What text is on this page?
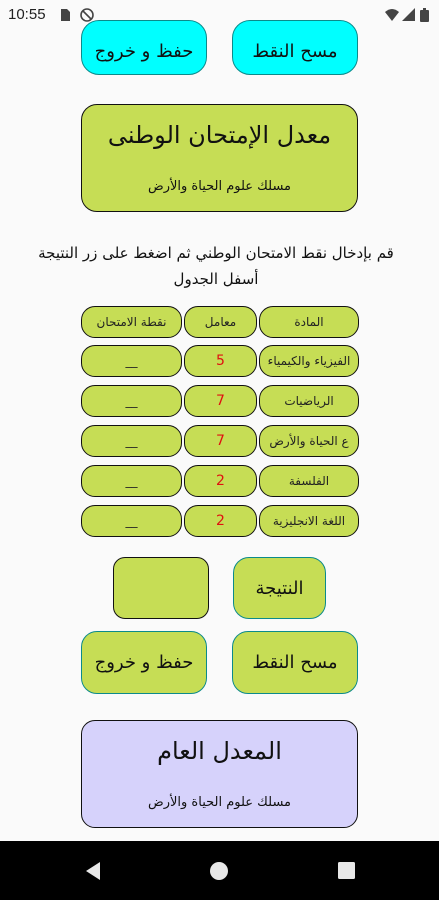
10:55
حفظ و خروج	مسح النقط
معدل الإمتحان الوطنى
مسلك علوم الحياة والأرض
قم بإدخال نقط الامتحان الوطني ثم اضغط على زر النتيجة أسفل الجدول
المادة
معامل
نقطة الامتحان
الفيزياء والكيمياء
5
__
الرياضيات
7
__
ع الحياة والأرض
7
__
الفلسفة
2
__
اللغة الانجليزية
2
__
النتيجة
حفظ و خروج	مسح النقط
المعدل العام
مسلك علوم الحياة والأرض
